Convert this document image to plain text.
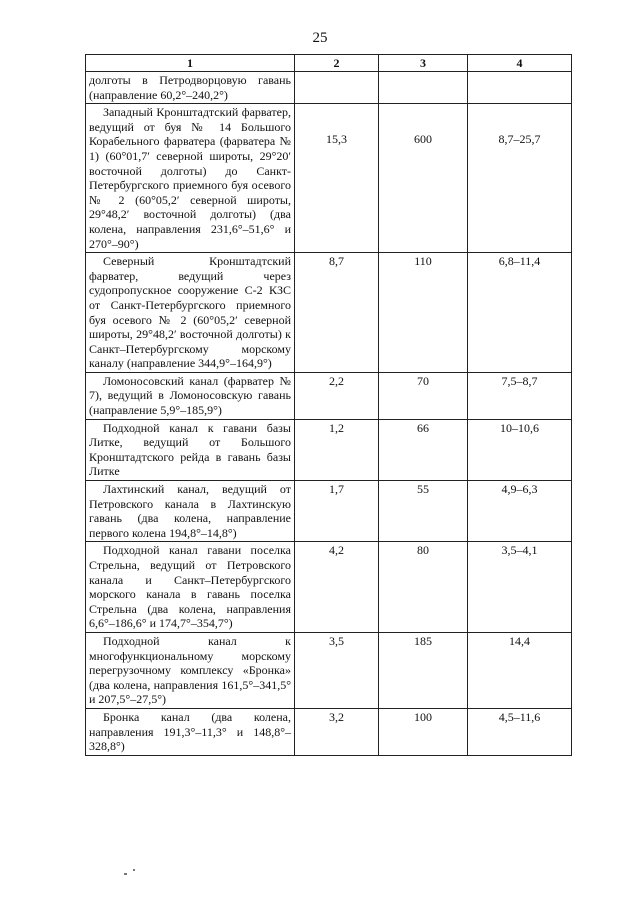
25
1	2	3	4
долготы в Петродворцовую гавань (направление 60,2°–240,2°)			
Западный Кронштадтский фарватер, ведущий от буя № 14 Большого Корабельного фарватера (фарватера № 1) (60°01,7′ северной широты, 29°20′ восточной долготы) до Санкт-Петербургского приемного буя осевого № 2 (60°05,2′ северной широты, 29°48,2′ восточной долготы) (два колена, направления 231,6°–51,6° и 270°–90°)	15,3	600	8,7–25,7
Северный Кронштадтский фарватер, ведущий через судопропускное сооружение С-2 КЗС от Санкт-Петербургского приемного буя осевого № 2 (60°05,2′ северной широты, 29°48,2′ восточной долготы) к Санкт–Петербургскому морскому каналу (направление 344,9°–164,9°)	8,7	110	6,8–11,4
Ломоносовский канал (фарватер № 7), ведущий в Ломоносовскую гавань (направление 5,9°–185,9°)	2,2	70	7,5–8,7
Подходной канал к гавани базы Литке, ведущий от Большого Кронштадтского рейда в гавань базы Литке	1,2	66	10–10,6
Лахтинский канал, ведущий от Петровского канала в Лахтинскую гавань (два колена, направление первого колена 194,8°–14,8°)	1,7	55	4,9–6,3
Подходной канал гавани поселка Стрельна, ведущий от Петровского канала и Санкт–Петербургского морского канала в гавань поселка Стрельна (два колена, направления 6,6°–186,6° и 174,7°–354,7°)	4,2	80	3,5–4,1
Подходной канал к многофункциональному морскому перегрузочному комплексу «Бронка» (два колена, направления 161,5°–341,5° и 207,5°–27,5°)	3,5	185	14,4
Бронка канал (два колена, направления 191,3°–11,3° и 148,8°–328,8°)	3,2	100	4,5–11,6
